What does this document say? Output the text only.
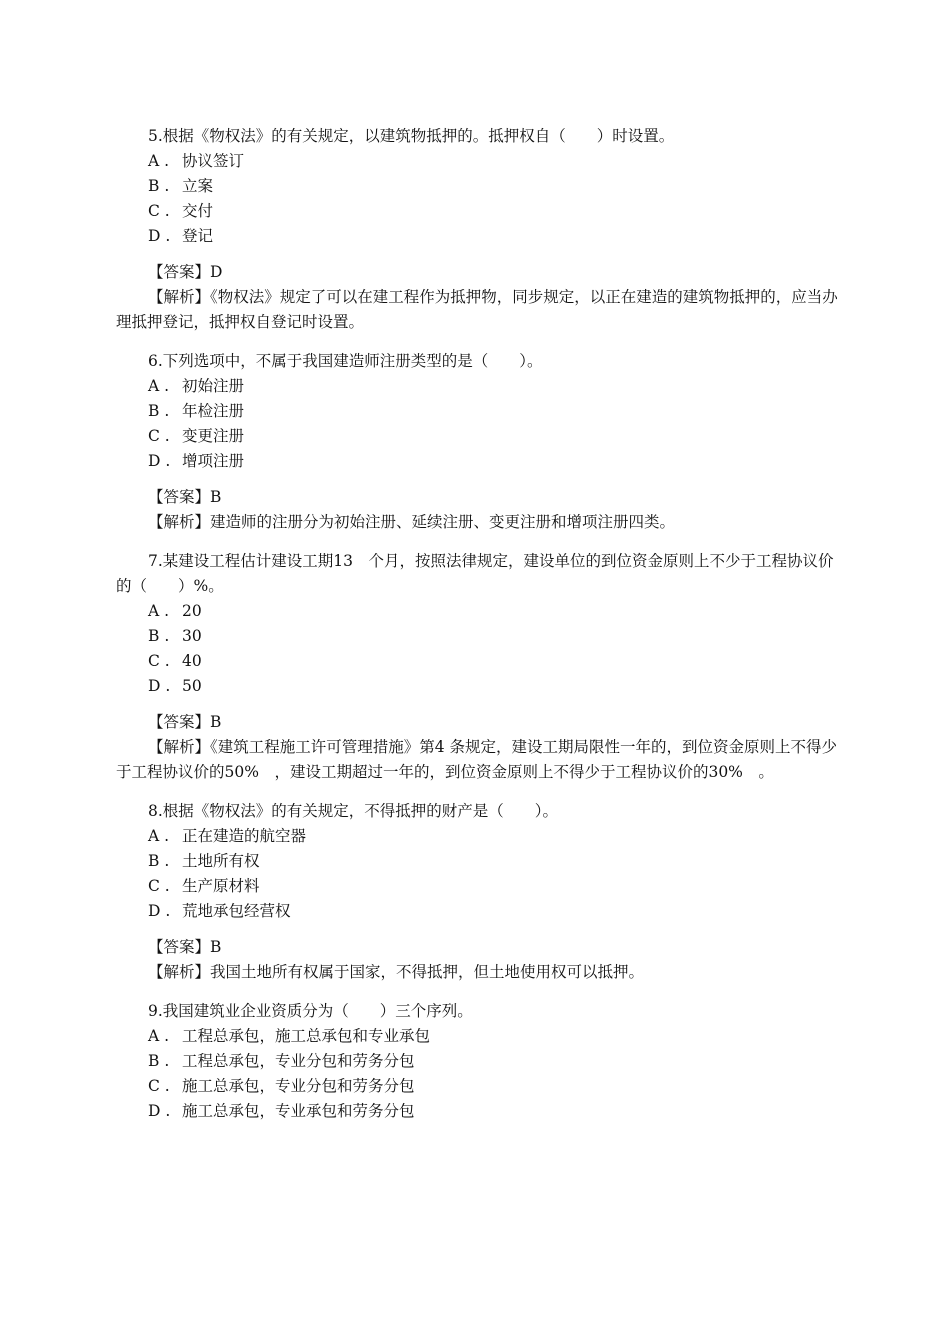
5.根据《物权法》的有关规定，以建筑物抵押的。抵押权自（　　）时设置。

A . 协议签订
B . 立案
C . 交付
D . 登记
【答案】D

【解析】《物权法》规定了可以在建工程作为抵押物，同步规定，以正在建造的建筑物抵押的，应当办理抵押登记，抵押权自登记时设置。

6.下列选项中，不属于我国建造师注册类型的是（　　）。

A . 初始注册
B . 年检注册
C . 变更注册
D . 增项注册
【答案】B

【解析】建造师的注册分为初始注册、延续注册、变更注册和增项注册四类。

7.某建设工程估计建设工期13　个月，按照法律规定，建设单位的到位资金原则上不少于工程协议价的（　　）%。

A . 20
B . 30
C . 40
D . 50
【答案】B

【解析】《建筑工程施工许可管理措施》第4 条规定，建设工期局限性一年的，到位资金原则上不得少于工程协议价的50%　，建设工期超过一年的，到位资金原则上不得少于工程协议价的30%　。

8.根据《物权法》的有关规定，不得抵押的财产是（　　）。

A . 正在建造的航空器
B . 土地所有权
C . 生产原材料
D . 荒地承包经营权
【答案】B

【解析】我国土地所有权属于国家，不得抵押，但土地使用权可以抵押。

9.我国建筑业企业资质分为（　　）三个序列。

A . 工程总承包，施工总承包和专业承包
B . 工程总承包，专业分包和劳务分包
C . 施工总承包，专业分包和劳务分包
D . 施工总承包，专业承包和劳务分包
